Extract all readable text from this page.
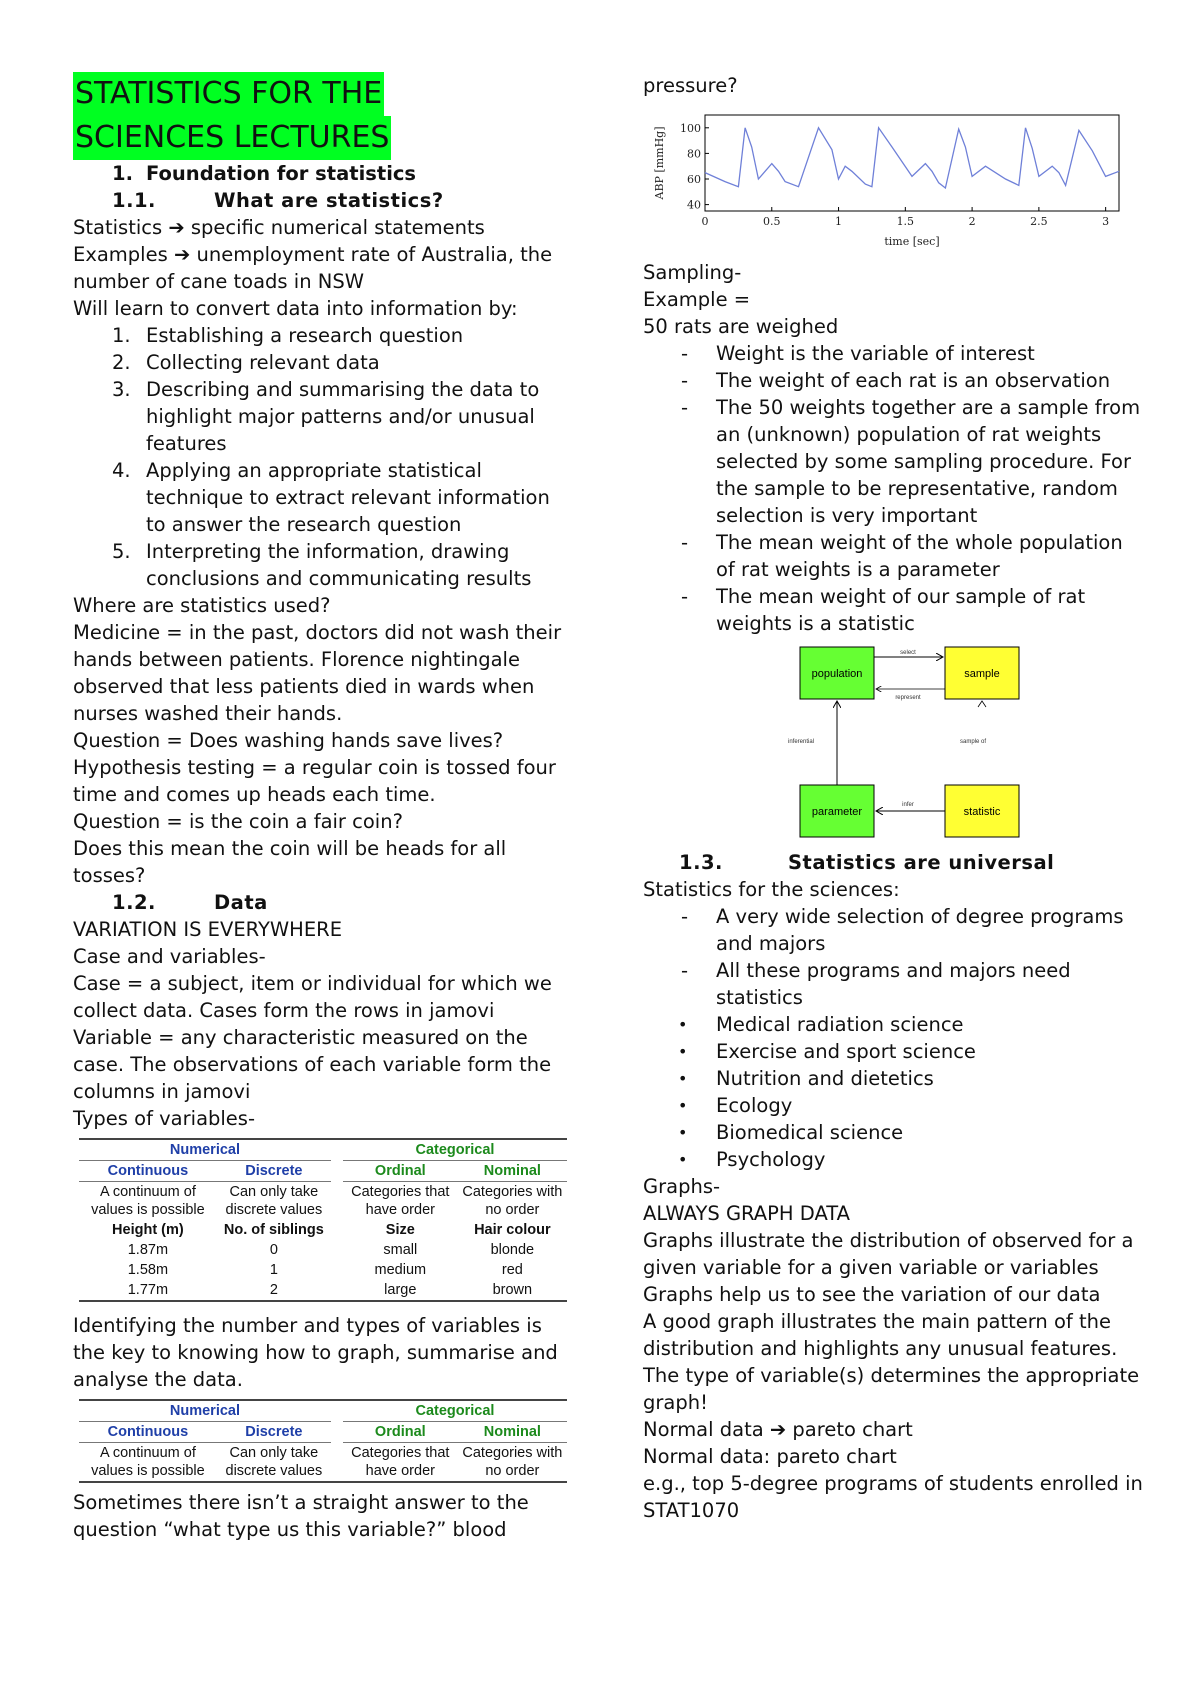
STATISTICS FOR THE
SCIENCES LECTURES

1. Foundation for statistics

1.1.	What are statistics?

Statistics ➔ specific numerical statements

Examples ➔ unemployment rate of Australia, the number of cane toads in NSW

Will learn to convert data into information by:

1. Establishing a research question

2. Collecting relevant data

3. Describing and summarising the data to highlight major patterns and/or unusual features

4. Applying an appropriate statistical technique to extract relevant information to answer the research question

5. Interpreting the information, drawing conclusions and communicating results

Where are statistics used?

Medicine = in the past, doctors did not wash their hands between patients. Florence nightingale observed that less patients died in wards when nurses washed their hands.

Question = Does washing hands save lives?

Hypothesis testing = a regular coin is tossed four time and comes up heads each time.

Question = is the coin a fair coin?

Does this mean the coin will be heads for all tosses?

1.2.	Data

VARIATION IS EVERYWHERE

Case and variables-

Case = a subject, item or individual for which we collect data. Cases form the rows in jamovi

Variable = any characteristic measured on the case. The observations of each variable form the columns in jamovi

Types of variables-

Numerical			Categorical	
Continuous	Discrete		Ordinal	Nominal
A continuum of values is possible	Can only take discrete values		Categories that have order	Categories with no order
Height (m)	No. of siblings		Size	Hair colour
1.87m	0		small	blonde
1.58m	1		medium	red
1.77m	2		large	brown

Identifying the number and types of variables is the key to knowing how to graph, summarise and analyse the data.

Numerical			Categorical	
Continuous	Discrete		Ordinal	Nominal
A continuum of values is possible	Can only take discrete values		Categories that have order	Categories with no order

Sometimes there isn’t a straight answer to the question “what type us this variable?” blood

pressure?

0	0.5	1	1.5	2	2.5	3
40
60
80
100
ABP [mmHg]
time [sec]

Sampling-

Example =

50 rats are weighed

- Weight is the variable of interest

- The weight of each rat is an observation

- The 50 weights together are a sample from an (unknown) population of rat weights selected by some sampling procedure. For the sample to be representative, random selection is very important

- The mean weight of the whole population of rat weights is a parameter

- The mean weight of our sample of rat weights is a statistic

population	sample
parameter	statistic
select
represent
inferential	sample of
infer

1.3.	Statistics are universal

Statistics for the sciences:

- A very wide selection of degree programs and majors

- All these programs and majors need statistics

• Medical radiation science

• Exercise and sport science

• Nutrition and dietetics

• Ecology

• Biomedical science

• Psychology

Graphs-

ALWAYS GRAPH DATA

Graphs illustrate the distribution of observed for a given variable for a given variable or variables

Graphs help us to see the variation of our data

A good graph illustrates the main pattern of the distribution and highlights any unusual features.

The type of variable(s) determines the appropriate graph!

Normal data ➔ pareto chart

Normal data: pareto chart

e.g., top 5-degree programs of students enrolled in STAT1070
